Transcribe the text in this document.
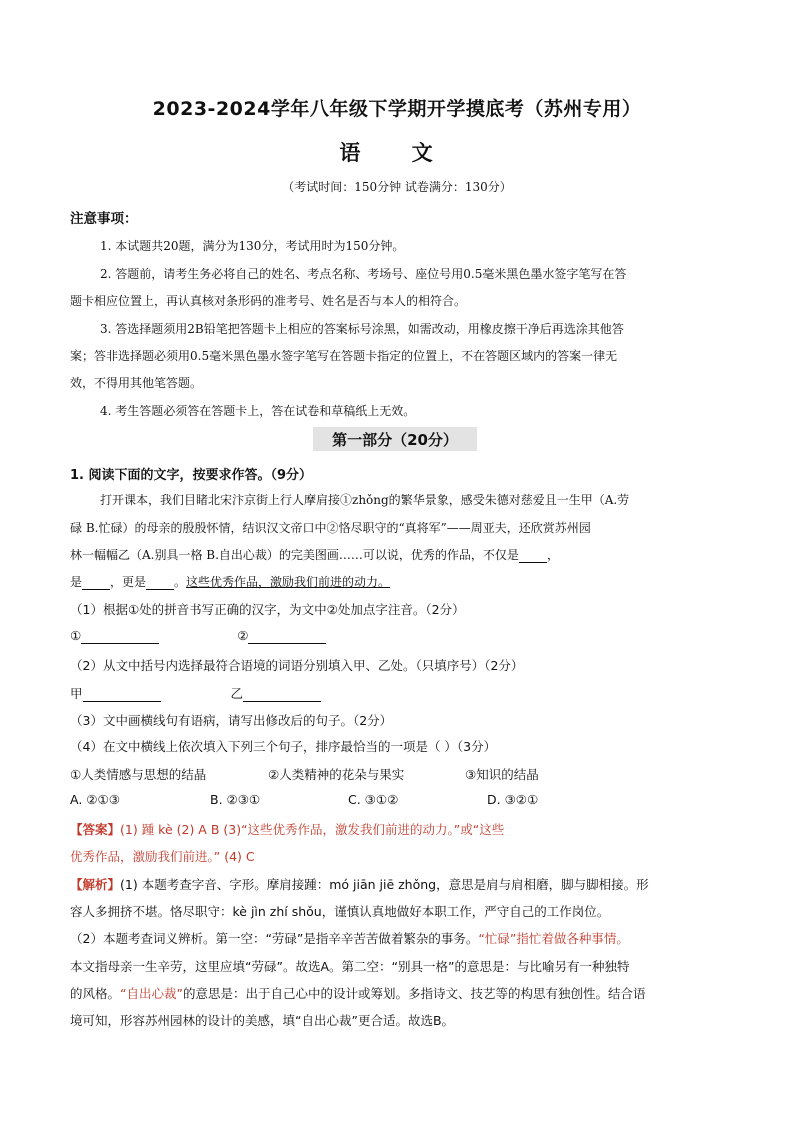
2023-2024学年八年级下学期开学摸底考（苏州专用）
语 文
（考试时间：150分钟 试卷满分：130分）
注意事项：
1. 本试题共20题，满分为130分，考试用时为150分钟。
2. 答题前，请考生务必将自己的姓名、考点名称、考场号、座位号用0.5毫米黑色墨水签字笔写在答
题卡相应位置上，再认真核对条形码的准考号、姓名是否与本人的相符合。
3. 答选择题须用2B铅笔把答题卡上相应的答案标号涂黑，如需改动，用橡皮擦干净后再选涂其他答
案；答非选择题必须用0.5毫米黑色墨水签字笔写在答题卡指定的位置上，不在答题区域内的答案一律无
效，不得用其他笔答题。
4. 考生答题必须答在答题卡上，答在试卷和草稿纸上无效。
第一部分（20分）
1. 阅读下面的文字，按要求作答。（9分）
打开课本，我们目睹北宋汴京街上行人摩肩接①zhǒng的繁华景象，感受朱德对慈爱且一生甲（A.劳
碌 B.忙碌）的母亲的殷殷怀情，结识汉文帝口中②恪尽职守的“真将军”——周亚夫，还欣赏苏州园
林一幅幅乙（A.别具一格 B.自出心裁）的完美图画……可以说，优秀的作品，不仅是 ，
是 ，更是 。这些优秀作品，激励我们前进的动力。
（1）根据①处的拼音书写正确的汉字，为文中②处加点字注音。（2分）
①	②
（2）从文中括号内选择最符合语境的词语分别填入甲、乙处。（只填序号）（2分）
甲	乙
（3）文中画横线句有语病，请写出修改后的句子。（2分）
（4）在文中横线上依次填入下列三个句子，排序最恰当的一项是（ ）（3分）
①人类情感与思想的结晶	②人类精神的花朵与果实	③知识的结晶
A. ②①③	B. ②③①	C. ③①②	D. ③②①
【答案】(1) 踵 kè (2) A B (3)“这些优秀作品，激发我们前进的动力。”或“这些
优秀作品，激励我们前进。” (4) C
【解析】(1) 本题考查字音、字形。摩肩接踵：mó jiān jiē zhǒng，意思是肩与肩相磨，脚与脚相接。形
容人多拥挤不堪。恪尽职守：kè jìn zhí shǒu，谨慎认真地做好本职工作，严守自己的工作岗位。
（2）本题考查词义辨析。第一空：“劳碌”是指辛辛苦苦做着繁杂的事务。“忙碌”指忙着做各种事情。
本文指母亲一生辛劳，这里应填“劳碌”。故选A。第二空：“别具一格”的意思是：与比喻另有一种独特
的风格。“自出心裁”的意思是：出于自己心中的设计或筹划。多指诗文、技艺等的构思有独创性。结合语
境可知，形容苏州园林的设计的美感，填“自出心裁”更合适。故选B。
